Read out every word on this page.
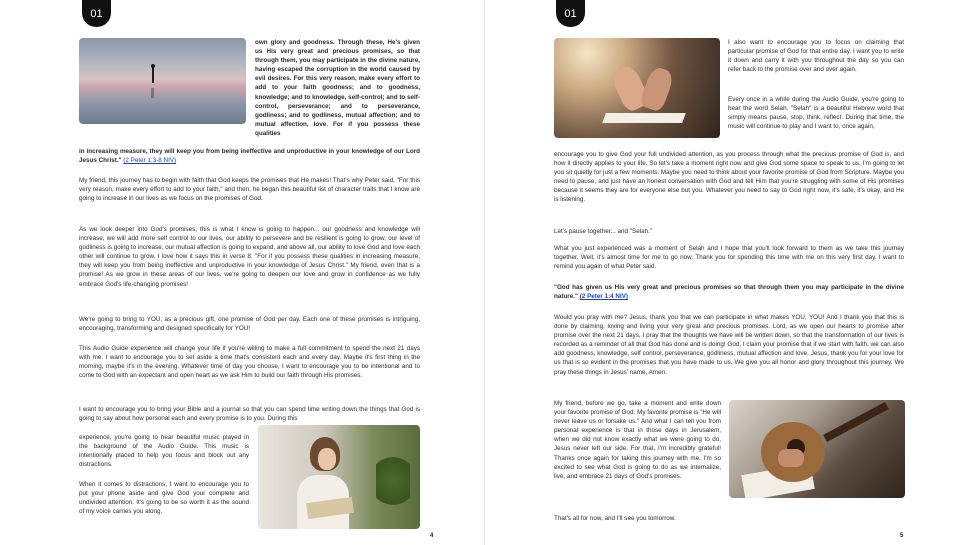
01

own glory and goodness. Through these, He's given us His very great and precious promises, so that through them, you may participate in the divine nature, having escaped the corruption in the world caused by evil desires. For this very reason, make every effort to add to your faith goodness; and to goodness, knowledge; and to knowledge, self-control; and to self-control, perseverance; and to perseverance, godliness; and to godliness, mutual affection; and to mutual affection, love. For if you possess these qualities

in increasing measure, they will keep you from being ineffective and unproductive in your knowledge of our Lord Jesus Christ." (2 Peter 1:3-8 NIV)

My friend, this journey has to begin with faith that God keeps the promises that He makes! That's why Peter said, "For this very reason, make every effort to add to your faith," and then, he began this beautiful list of character traits that I know are going to increase in our lives as we focus on the promises of God.

As we look deeper into God's promises, this is what I know is going to happen... our goodness and knowledge will increase, we will add more self control to our lives, our ability to persevere and be resilient is going to grow, our level of godliness is going to increase, our mutual affection is going to expand, and above all, our ability to love God and love each other will continue to grow. I love how it says this in verse 8: "For if you possess these qualities in increasing measure, they will keep you from being ineffective and unproductive in your knowledge of Jesus Christ." My friend, even that is a promise! As we grow in these areas of our lives, we're going to deepen our love and grow in confidence as we fully embrace God's life-changing promises!

We're going to bring to YOU, as a precious gift, one promise of God per day. Each one of these promises is intriguing, encouraging, transforming and designed specifically for YOU!

This Audio Guide experience will change your life if you're willing to make a full commitment to spend the next 21 days with me. I want to encourage you to set aside a time that's consistent each and every day. Maybe it's first thing in the morning, maybe it's in the evening. Whatever time of day you choose, I want to encourage you to be intentional and to come to God with an expectant and open heart as we ask Him to build our faith through His promises.

I want to encourage you to bring your Bible and a journal so that you can spend time writing down the things that God is going to say about how personal each and every promise is to you. During this

experience, you're going to hear beautiful music played in the background of the Audio Guide. This music is intentionally placed to help you focus and block out any distractions.

When it comes to distractions, I want to encourage you to put your phone aside and give God your complete and undivided attention. It's going to be so worth it as the sound of my voice carries you along.

4
01

I also want to encourage you to focus on claiming that particular promise of God for that entire day. I want you to write it down and carry it with you throughout the day so you can refer back to the promise over and over again.

Every once in a while during the Audio Guide, you're going to hear the word Selah. "Selah" is a beautiful Hebrew word that simply means pause, stop, think, reflect. During that time, the music will continue to play and I want to, once again,

encourage you to give God your full undivided attention, as you process through what the precious promise of God is, and how it directly applies to your life. So let's take a moment right now and give God some space to speak to us. I'm going to let you sit quietly for just a few moments. Maybe you need to think about your favorite promise of God from Scripture. Maybe you need to pause, and just have an honest conversation with God and tell Him that you're struggling with some of His promises because it seems they are for everyone else but you. Whatever you need to say to God right now, it's safe, it's okay, and He is listening.

Let's pause together... and "Selah."

What you just experienced was a moment of Selah and I hope that you'll look forward to them as we take this journey together. Well, it's almost time for me to go now. Thank you for spending this time with me on this very first day. I want to remind you again of what Peter said.

"God has given us His very great and precious promises so that through them you may participate in the divine nature." (2 Peter 1:4 NIV)

Would you pray with me? Jesus, thank you that we can participate in what makes YOU, YOU! And I thank you that this is done by claiming, loving and living your very great and precious promises. Lord, as we open our hearts to promise after promise over the next 21 days, I pray that the thoughts we have will be written down, so that the transformation of our lives is recorded as a reminder of all that God has done and is doing! God, I claim your promise that if we start with faith, we can also add goodness, knowledge, self control, perseverance, godliness, mutual affection and love. Jesus, thank you for your love for us that is so evident in the promises that you have made to us. We give you all honor and glory throughout this journey. We pray these things in Jesus' name, Amen.

My friend, before we go, take a moment and write down your favorite promise of God. My favorite promise is "He will never leave us or forsake us." And what I can tell you from personal experience is that in those days in Jerusalem, when we did not know exactly what we were going to do, Jesus never left our side. For that, I'm incredibly grateful! Thanks once again for taking this journey with me. I'm so excited to see what God is going to do as we internalize, live, and embrace 21 days of God's promises.

That's all for now, and I'll see you tomorrow.

5
